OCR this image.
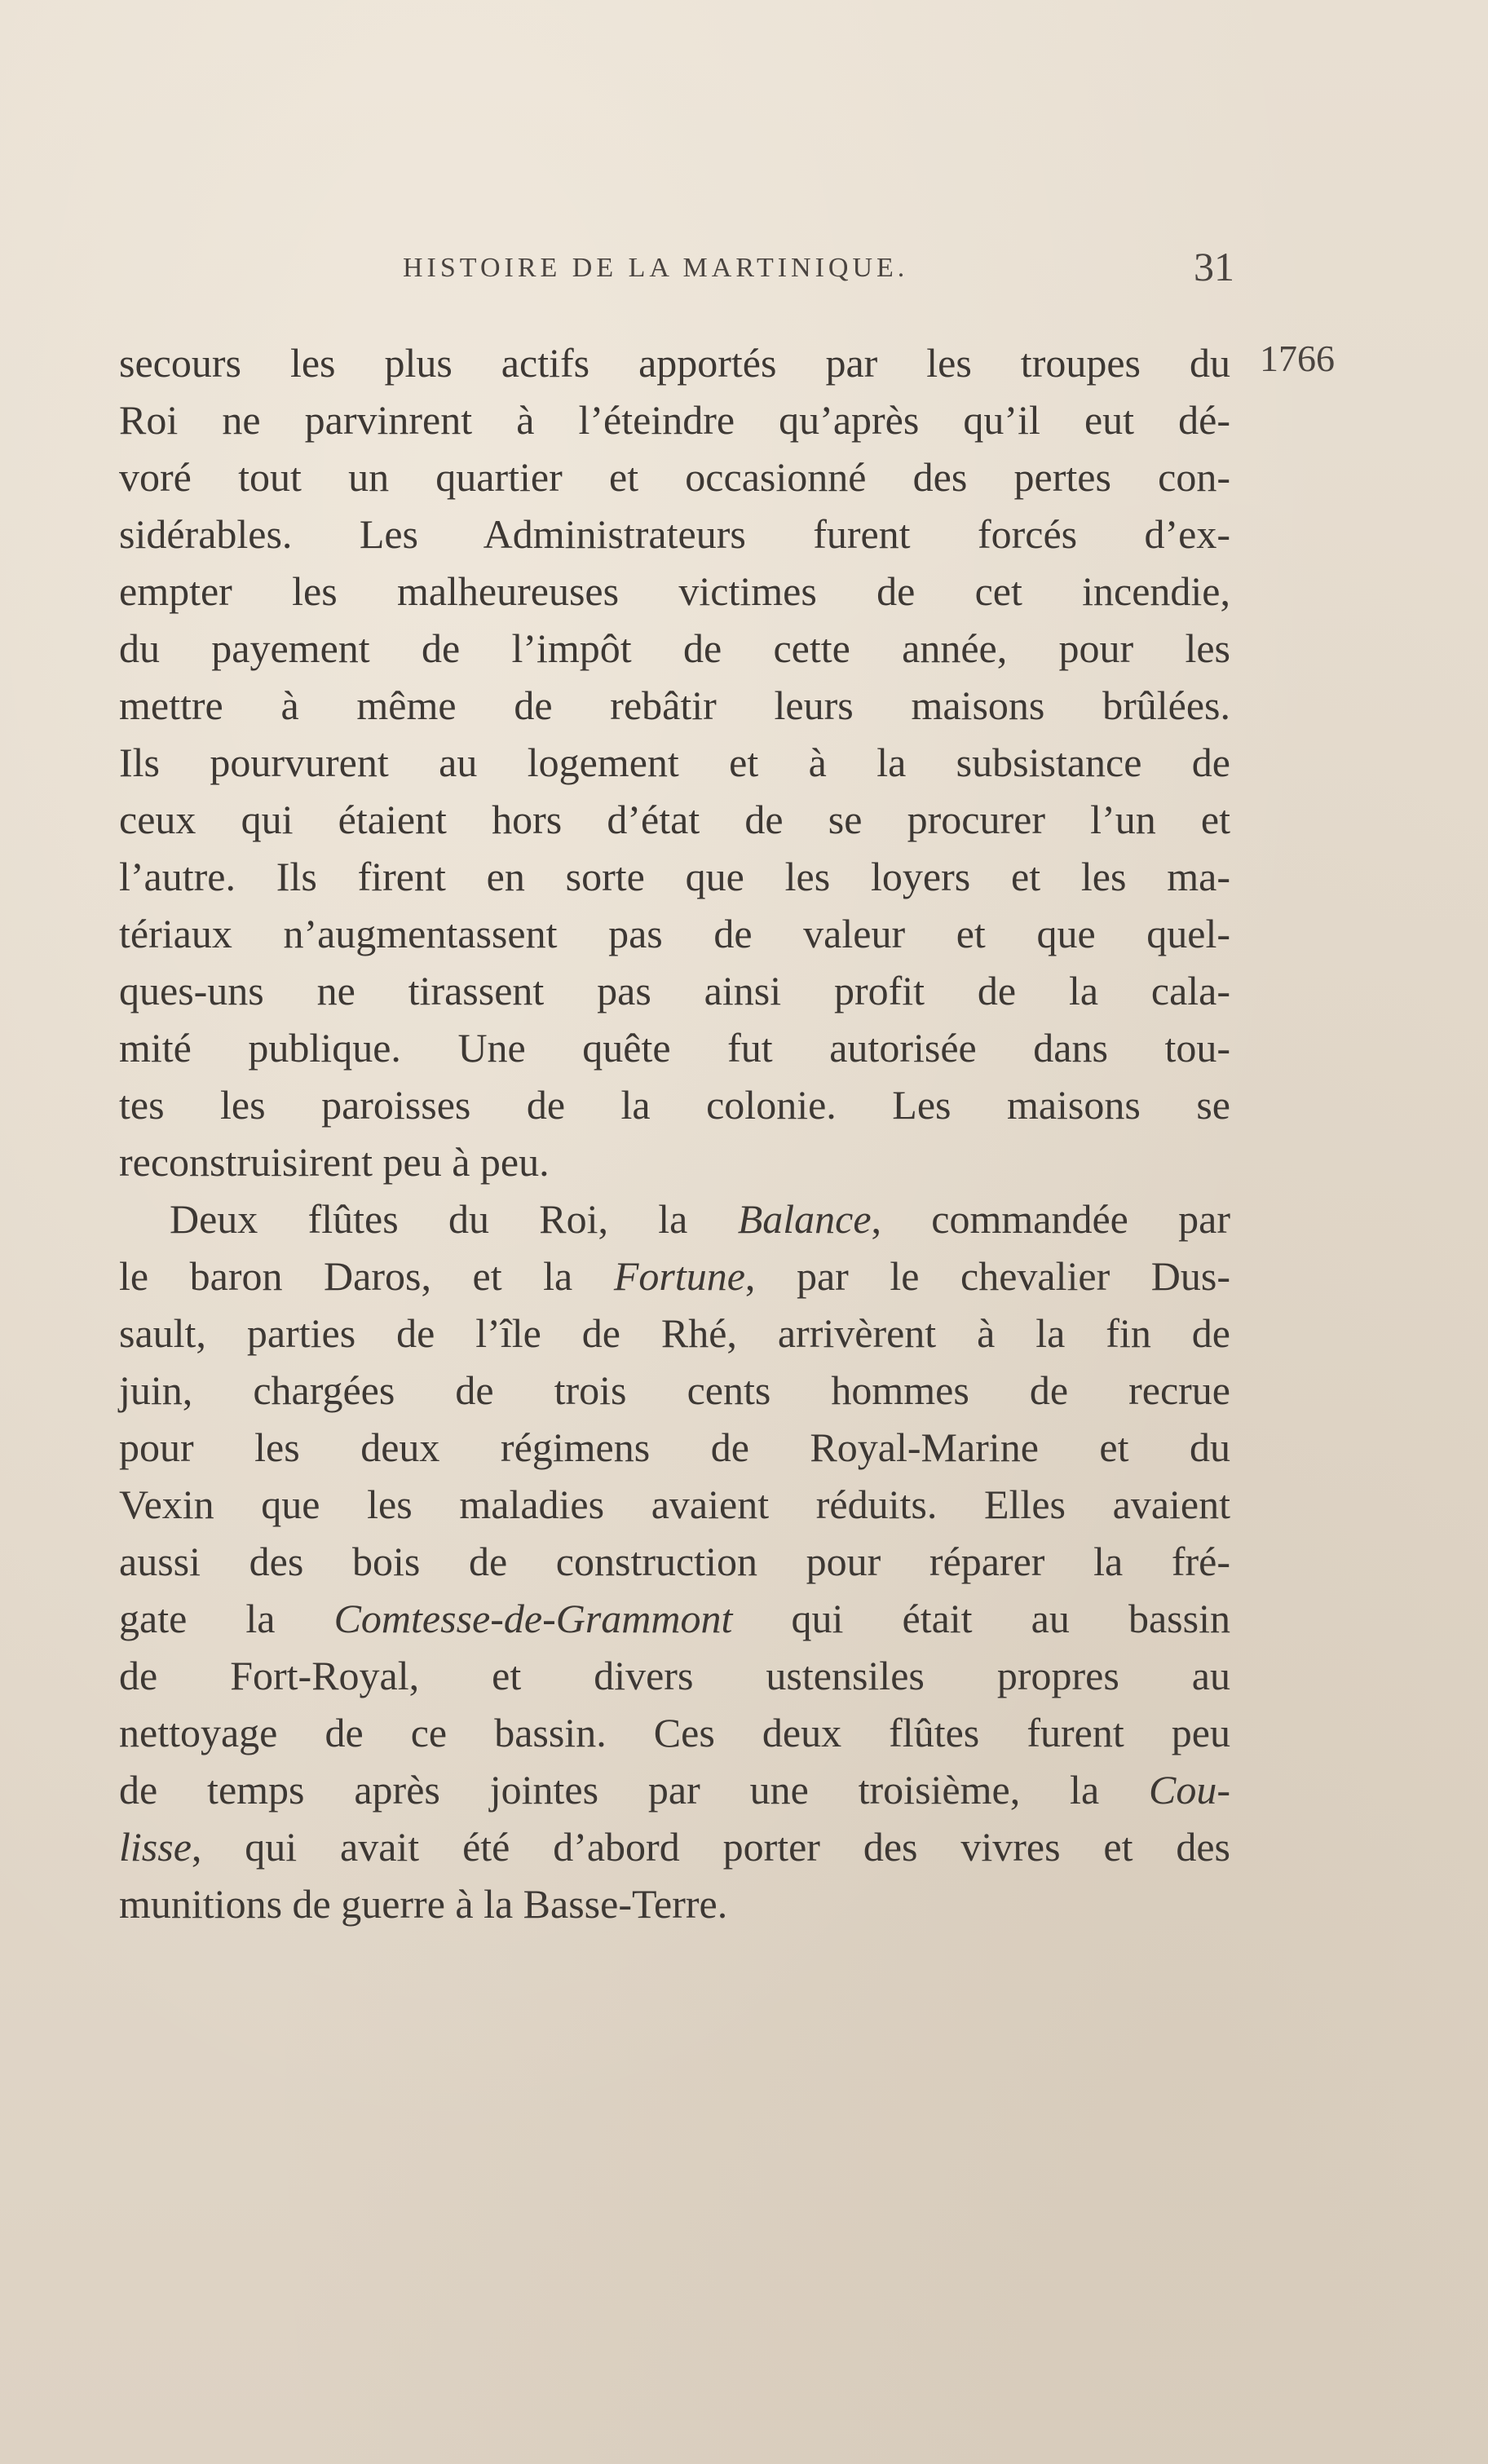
HISTOIRE DE LA MARTINIQUE.	31
1766
secours les plus actifs apportés par les troupes du
Roi ne parvinrent à l’éteindre qu’après qu’il eut dé-
voré tout un quartier et occasionné des pertes con-
sidérables. Les Administrateurs furent forcés d’ex-
empter les malheureuses victimes de cet incendie,
du payement de l’impôt de cette année, pour les
mettre à même de rebâtir leurs maisons brûlées.
Ils pourvurent au logement et à la subsistance de
ceux qui étaient hors d’état de se procurer l’un et
l’autre. Ils firent en sorte que les loyers et les ma-
tériaux n’augmentassent pas de valeur et que quel-
ques-uns ne tirassent pas ainsi profit de la cala-
mité publique. Une quête fut autorisée dans tou-
tes les paroisses de la colonie. Les maisons se
reconstruisirent peu à peu.
Deux flûtes du Roi, la Balance, commandée par
le baron Daros, et la Fortune, par le chevalier Dus-
sault, parties de l’île de Rhé, arrivèrent à la fin de
juin, chargées de trois cents hommes de recrue
pour les deux régimens de Royal-Marine et du
Vexin que les maladies avaient réduits. Elles avaient
aussi des bois de construction pour réparer la fré-
gate la Comtesse-de-Grammont qui était au bassin
de Fort-Royal, et divers ustensiles propres au
nettoyage de ce bassin. Ces deux flûtes furent peu
de temps après jointes par une troisième, la Cou-
lisse, qui avait été d’abord porter des vivres et des
munitions de guerre à la Basse-Terre.
